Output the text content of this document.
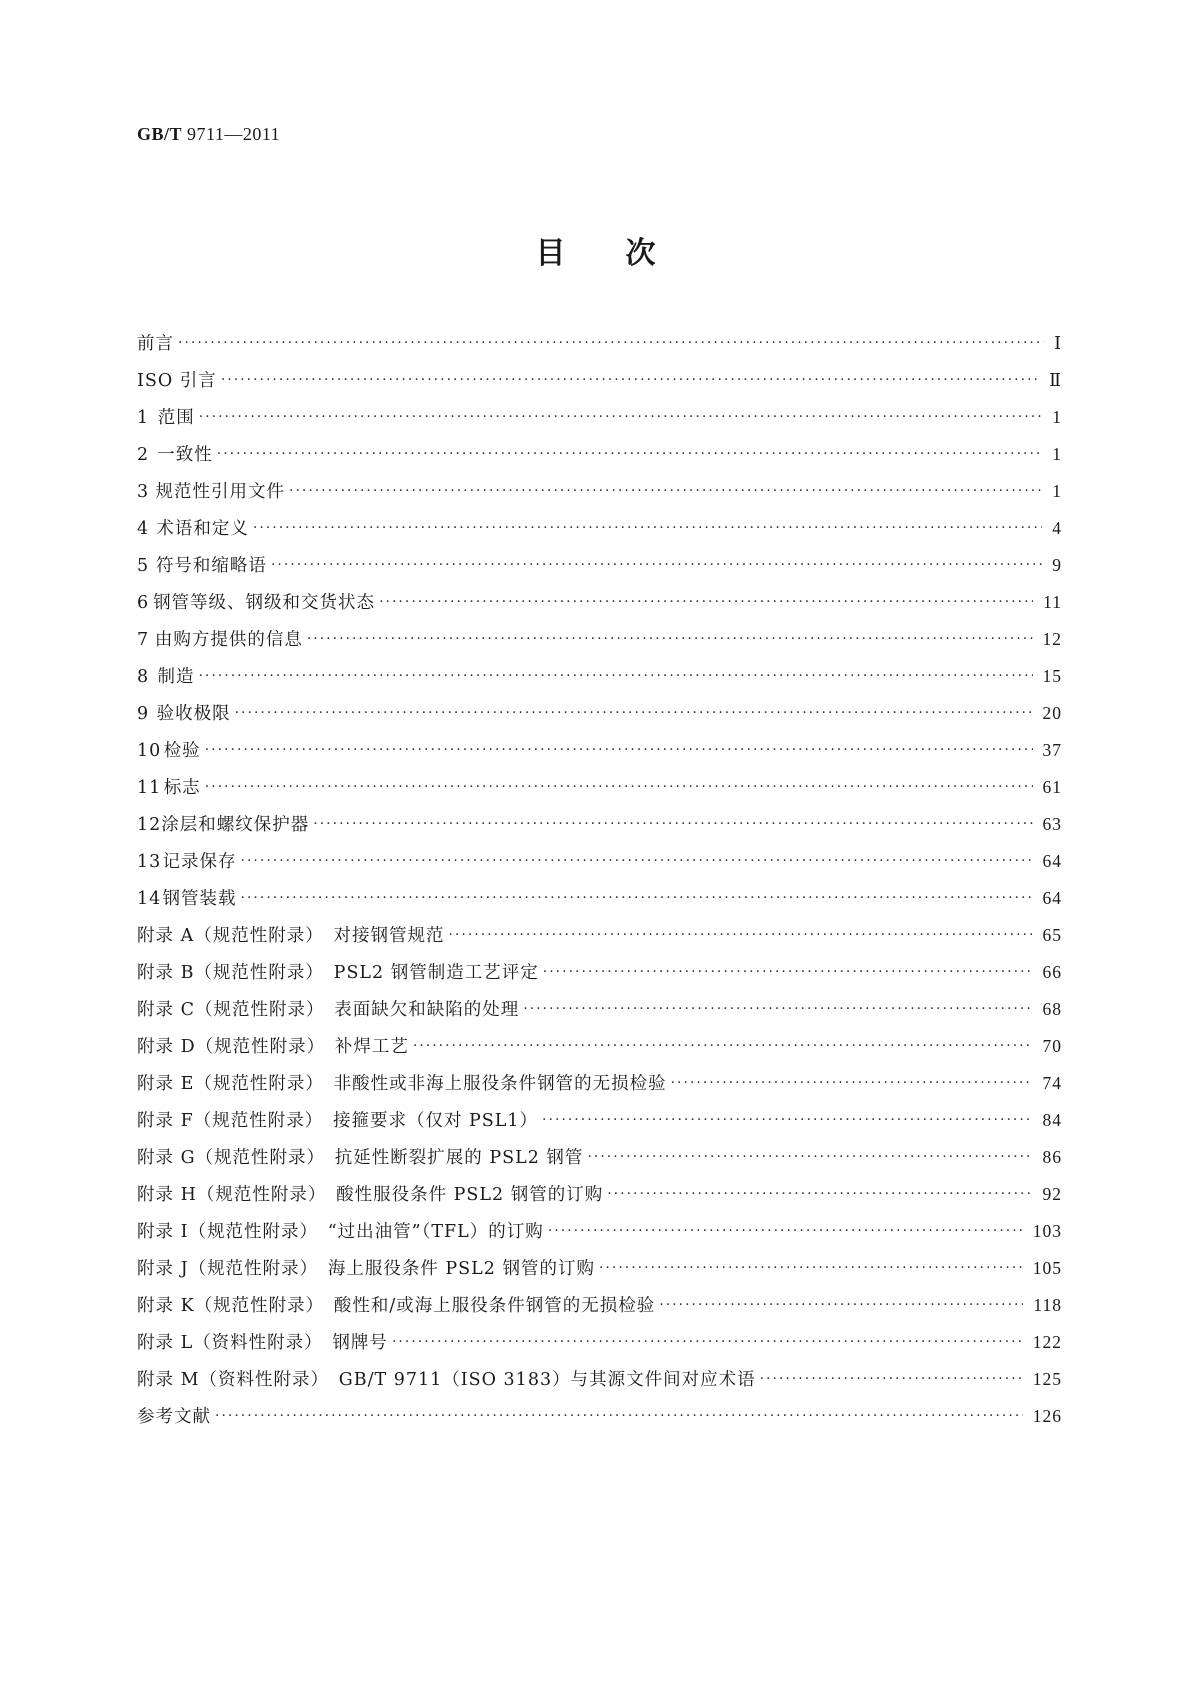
GB/T 9711—2011
目次
前言 ·····	Ⅰ
ISO 引言 ·····	Ⅱ
1 范围 ·····	1
2 一致性 ·····	1
3 规范性引用文件 ·····	1
4 术语和定义 ·····	4
5 符号和缩略语 ·····	9
6 钢管等级、钢级和交货状态 ·····	11
7 由购方提供的信息 ·····	12
8 制造 ·····	15
9 验收极限 ·····	20
10 检验 ·····	37
11 标志 ·····	61
12 涂层和螺纹保护器 ·····	63
13 记录保存 ·····	64
14 钢管装载 ·····	64
附录 A（规范性附录）　对接钢管规范 ·····	65
附录 B（规范性附录）　PSL2 钢管制造工艺评定 ·····	66
附录 C（规范性附录）　表面缺欠和缺陷的处理 ·····	68
附录 D（规范性附录）　补焊工艺 ·····	70
附录 E（规范性附录）　非酸性或非海上服役条件钢管的无损检验 ·····	74
附录 F（规范性附录）　接箍要求（仅对 PSL1） ·····	84
附录 G（规范性附录）　抗延性断裂扩展的 PSL2 钢管 ·····	86
附录 H（规范性附录）　酸性服役条件 PSL2 钢管的订购 ·····	92
附录 I（规范性附录）　“过出油管”（TFL）的订购 ·····	103
附录 J（规范性附录）　海上服役条件 PSL2 钢管的订购 ·····	105
附录 K（规范性附录）　酸性和/或海上服役条件钢管的无损检验 ·····	118
附录 L（资料性附录）　钢牌号 ·····	122
附录 M（资料性附录）　GB/T 9711（ISO 3183）与其源文件间对应术语 ·····	125
参考文献 ·····	126
